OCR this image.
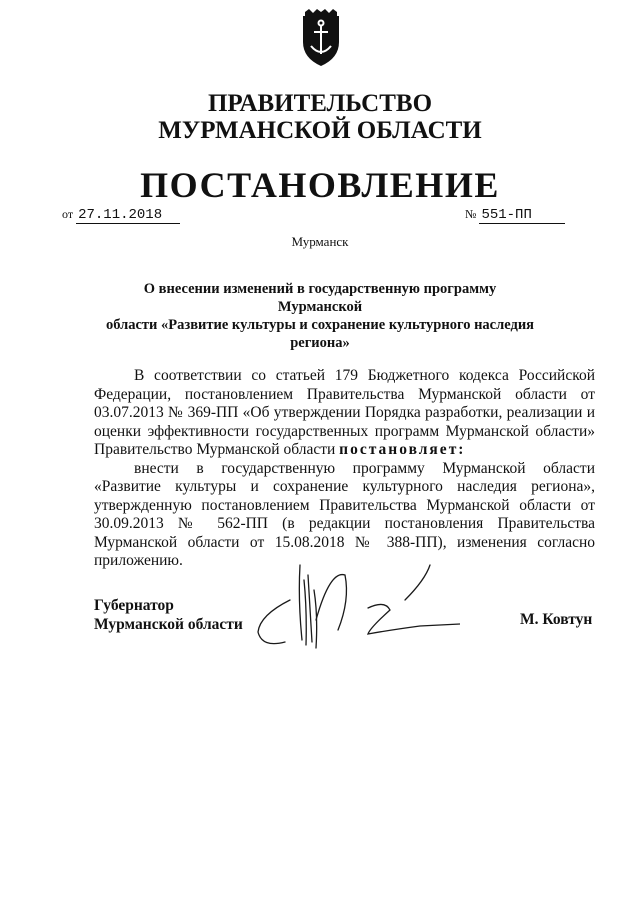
ПРАВИТЕЛЬСТВО
МУРМАНСКОЙ ОБЛАСТИ
ПОСТАНОВЛЕНИЕ
от 27.11.2018	№ 551-ПП
Мурманск
О внесении изменений в государственную программу Мурманской
области «Развитие культуры и сохранение культурного наследия
региона»

В соответствии со статьей 179 Бюджетного кодекса Российской Федерации, постановлением Правительства Мурманской области от 03.07.2013 № 369-ПП «Об утверждении Порядка разработки, реализации и оценки эффективности государственных программ Мурманской области» Правительство Мурманской области постановляет:

внести в государственную программу Мурманской области «Развитие культуры и сохранение культурного наследия региона», утвержденную постановлением Правительства Мурманской области от 30.09.2013 № 562-ПП (в редакции постановления Правительства Мурманской области от 15.08.2018 № 388-ПП), изменения согласно приложению.

Губернатор
Мурманской области	М. Ковтун
